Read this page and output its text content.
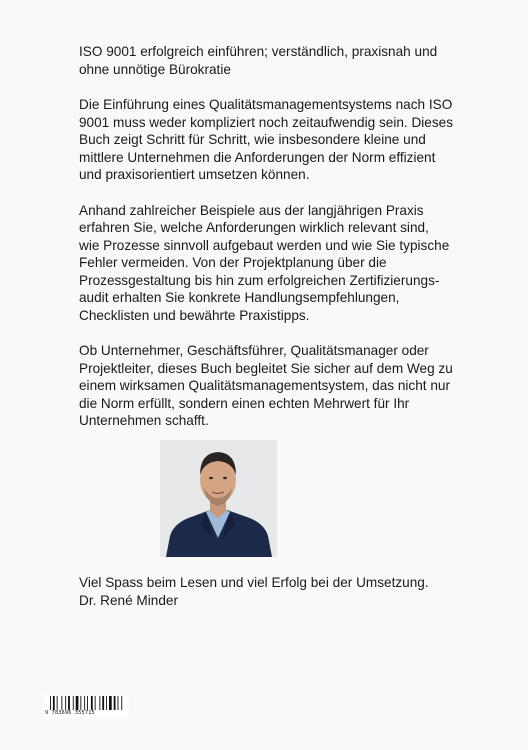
ISO 9001 erfolgreich einführen; verständlich, praxisnah und
ohne unnötige Bürokratie

Die Einführung eines Qualitätsmanagementsystems nach ISO
9001 muss weder kompliziert noch zeitaufwendig sein. Dieses
Buch zeigt Schritt für Schritt, wie insbesondere kleine und
mittlere Unternehmen die Anforderungen der Norm effizient
und praxisorientiert umsetzen können.

Anhand zahlreicher Beispiele aus der langjährigen Praxis
erfahren Sie, welche Anforderungen wirklich relevant sind,
wie Prozesse sinnvoll aufgebaut werden und wie Sie typische
Fehler vermeiden. Von der Projektplanung über die
Prozessgestaltung bis hin zum erfolgreichen Zertifizierungs-
audit erhalten Sie konkrete Handlungsempfehlungen,
Checklisten und bewährte Praxistipps.

Ob Unternehmer, Geschäftsführer, Qualitätsmanager oder
Projektleiter, dieses Buch begleitet Sie sicher auf dem Weg zu
einem wirksamen Qualitätsmanagementsystem, das nicht nur
die Norm erfüllt, sondern einen echten Mehrwert für Ihr
Unternehmen schafft.

Viel Spass beim Lesen und viel Erfolg bei der Umsetzung.
Dr. René Minder
9 783696 355715
